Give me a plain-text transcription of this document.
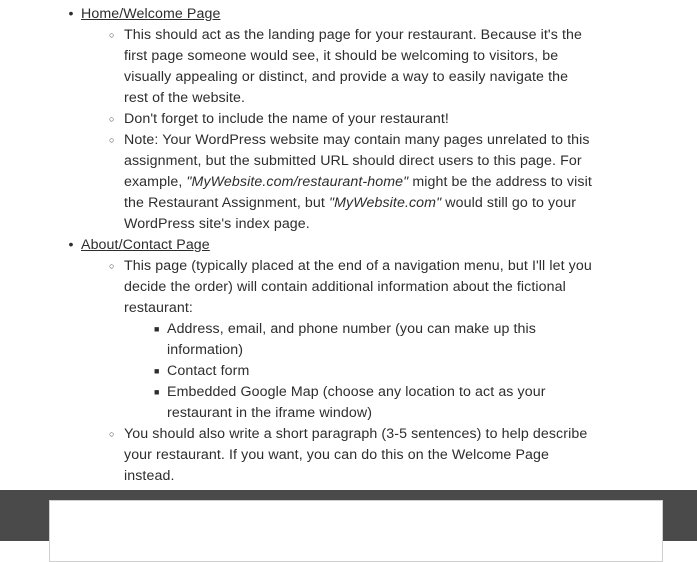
• Home/Welcome Page
○ This should act as the landing page for your restaurant. Because it's the first page someone would see, it should be welcoming to visitors, be visually appealing or distinct, and provide a way to easily navigate the rest of the website.
○ Don't forget to include the name of your restaurant!
○ Note: Your WordPress website may contain many pages unrelated to this assignment, but the submitted URL should direct users to this page. For example, "MyWebsite.com/restaurant-home" might be the address to visit the Restaurant Assignment, but "MyWebsite.com" would still go to your WordPress site's index page.
• About/Contact Page
○ This page (typically placed at the end of a navigation menu, but I'll let you decide the order) will contain additional information about the fictional restaurant:
■ Address, email, and phone number (you can make up this information)
■ Contact form
■ Embedded Google Map (choose any location to act as your restaurant in the iframe window)
○ You should also write a short paragraph (3-5 sentences) to help describe your restaurant. If you want, you can do this on the Welcome Page instead.
